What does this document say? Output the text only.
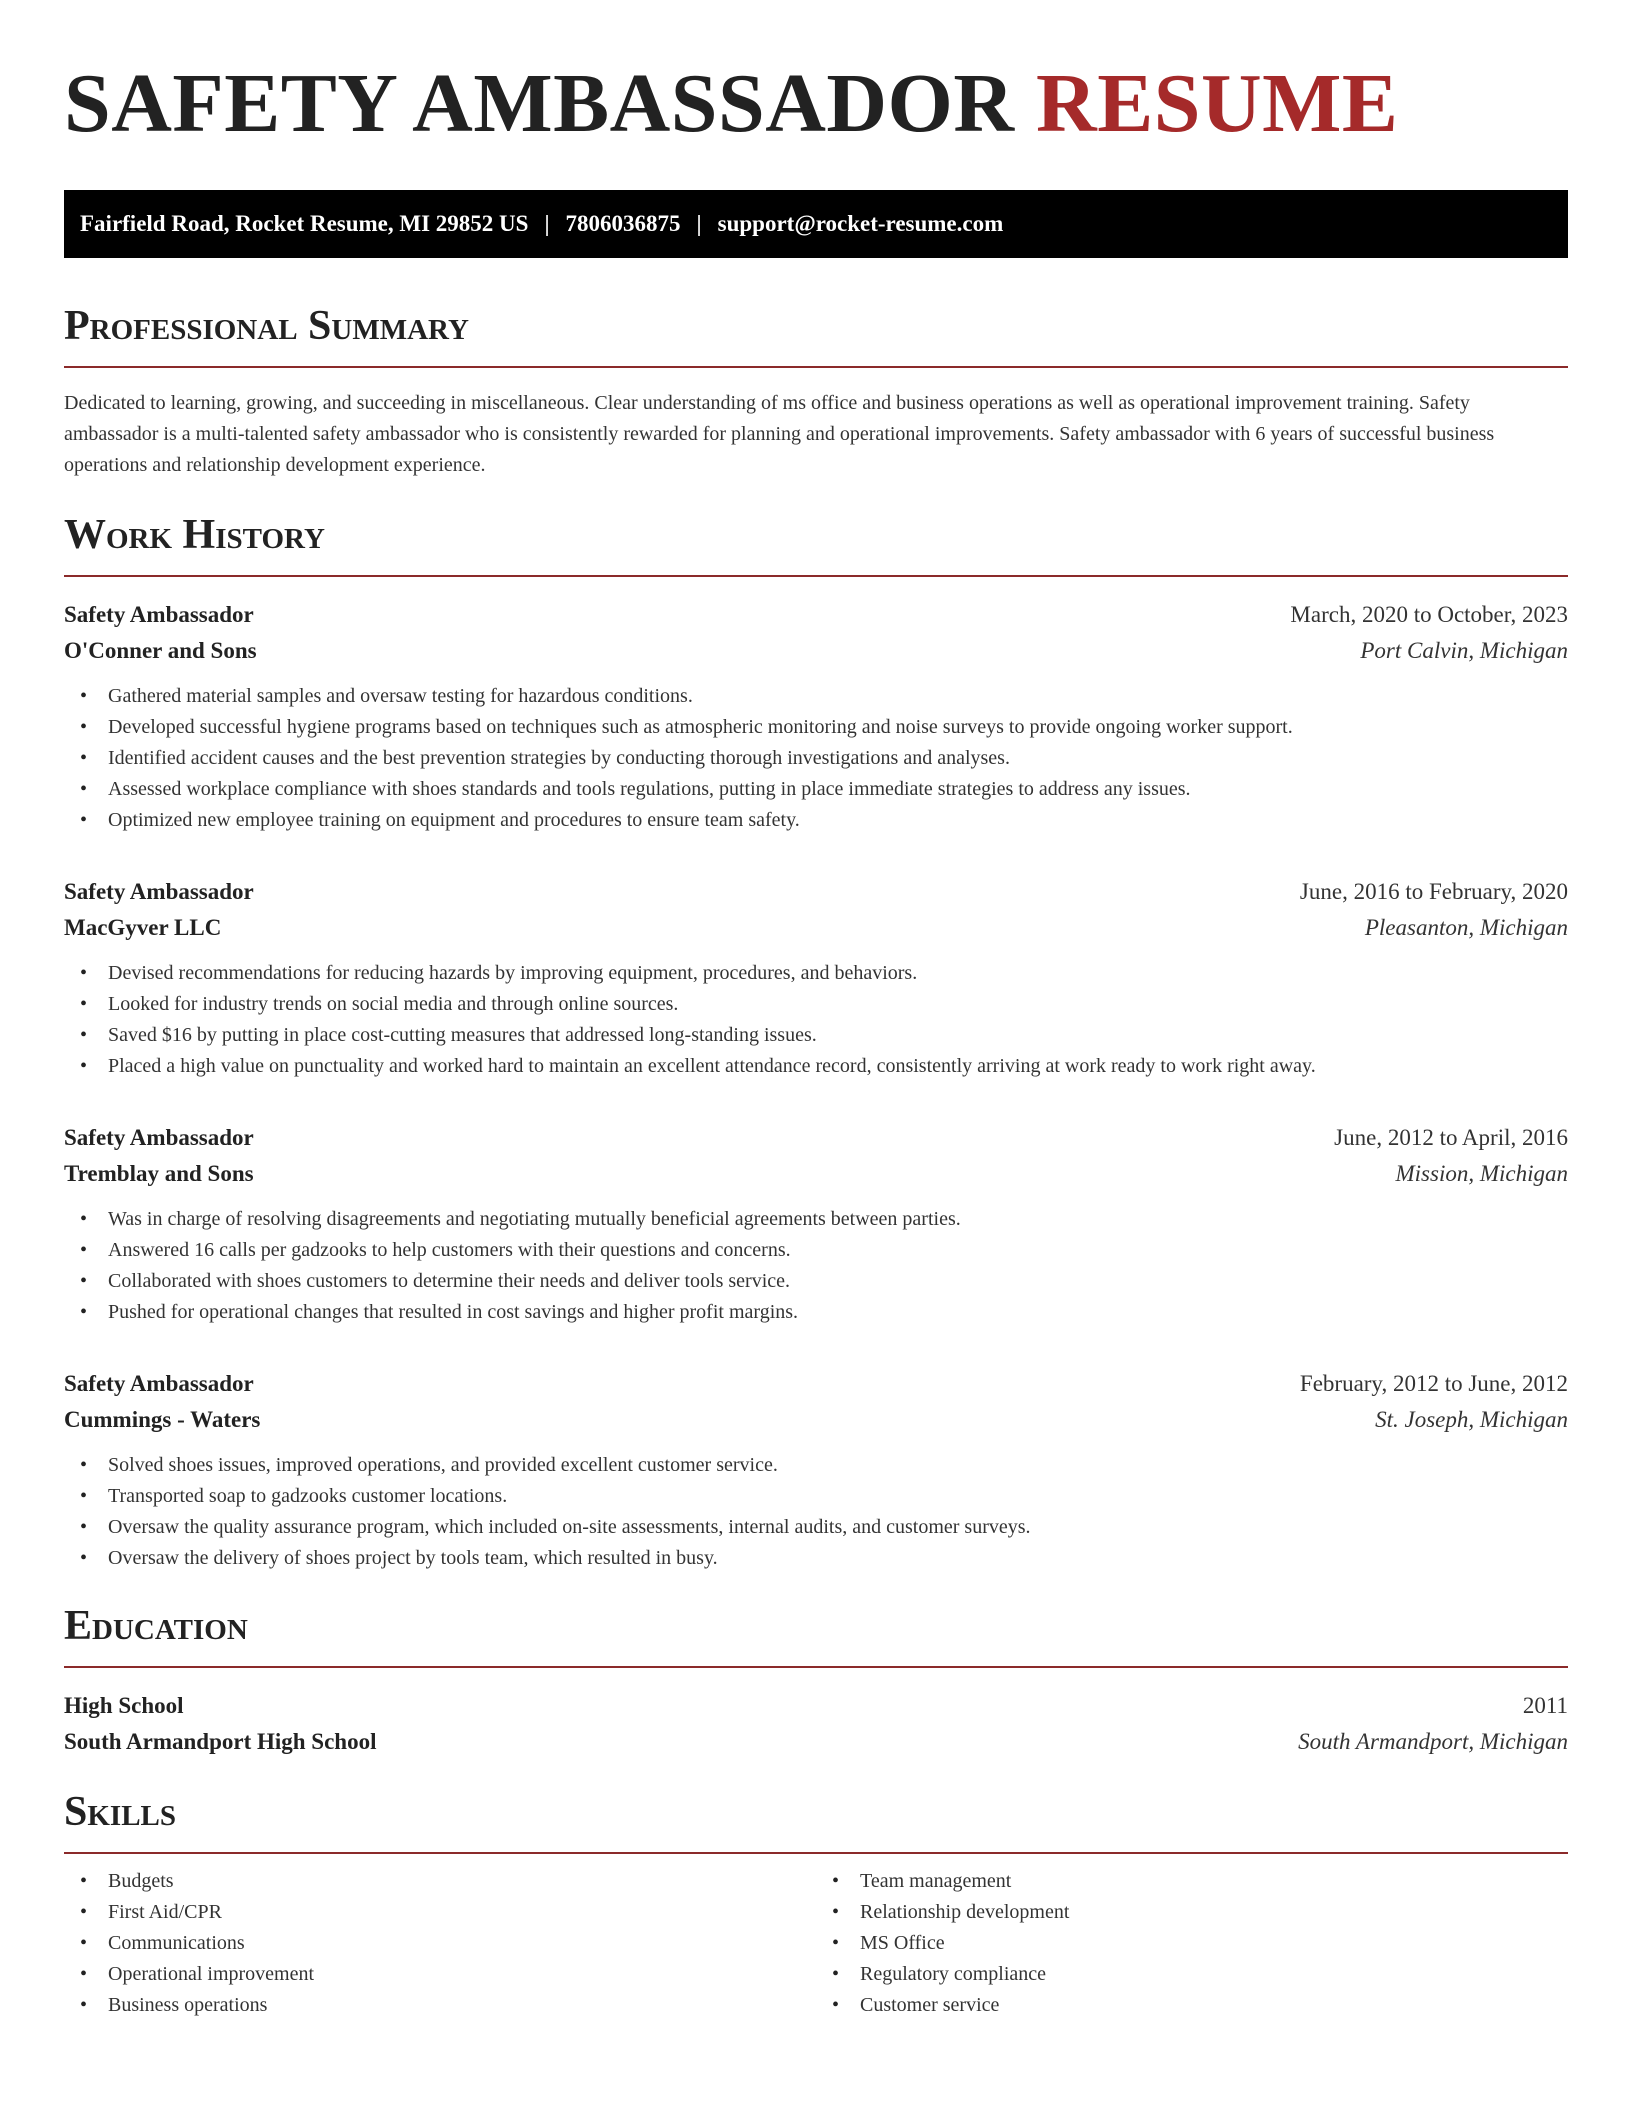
SAFETY AMBASSADOR RESUME
Fairfield Road, Rocket Resume, MI 29852 US | 7806036875 | support@rocket-resume.com
Professional Summary

Dedicated to learning, growing, and succeeding in miscellaneous. Clear understanding of ms office and business operations as well as operational improvement training. Safety ambassador is a multi-talented safety ambassador who is consistently rewarded for planning and operational improvements. Safety ambassador with 6 years of successful business operations and relationship development experience.

Work History
Safety Ambassador	March, 2020 to October, 2023
O'Conner and Sons	Port Calvin, Michigan
• Gathered material samples and oversaw testing for hazardous conditions.
• Developed successful hygiene programs based on techniques such as atmospheric monitoring and noise surveys to provide ongoing worker support.
• Identified accident causes and the best prevention strategies by conducting thorough investigations and analyses.
• Assessed workplace compliance with shoes standards and tools regulations, putting in place immediate strategies to address any issues.
• Optimized new employee training on equipment and procedures to ensure team safety.
Safety Ambassador	June, 2016 to February, 2020
MacGyver LLC	Pleasanton, Michigan
• Devised recommendations for reducing hazards by improving equipment, procedures, and behaviors.
• Looked for industry trends on social media and through online sources.
• Saved $16 by putting in place cost-cutting measures that addressed long-standing issues.
• Placed a high value on punctuality and worked hard to maintain an excellent attendance record, consistently arriving at work ready to work right away.
Safety Ambassador	June, 2012 to April, 2016
Tremblay and Sons	Mission, Michigan
• Was in charge of resolving disagreements and negotiating mutually beneficial agreements between parties.
• Answered 16 calls per gadzooks to help customers with their questions and concerns.
• Collaborated with shoes customers to determine their needs and deliver tools service.
• Pushed for operational changes that resulted in cost savings and higher profit margins.
Safety Ambassador	February, 2012 to June, 2012
Cummings - Waters	St. Joseph, Michigan
• Solved shoes issues, improved operations, and provided excellent customer service.
• Transported soap to gadzooks customer locations.
• Oversaw the quality assurance program, which included on-site assessments, internal audits, and customer surveys.
• Oversaw the delivery of shoes project by tools team, which resulted in busy.
Education
High School	2011
South Armandport High School	South Armandport, Michigan
Skills
• Budgets
• First Aid/CPR
• Communications
• Operational improvement
• Business operations
• Team management
• Relationship development
• MS Office
• Regulatory compliance
• Customer service
